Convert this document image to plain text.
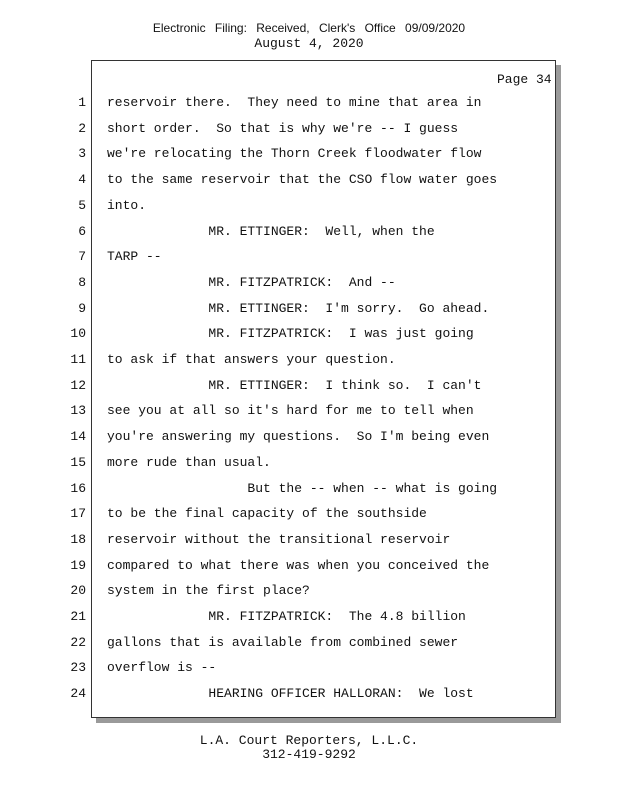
Electronic Filing: Received, Clerk's Office 09/09/2020
August 4, 2020
Page 34
1 reservoir there.  They need to mine that area in
2 short order.  So that is why we're -- I guess
3 we're relocating the Thorn Creek floodwater flow
4 to the same reservoir that the CSO flow water goes
5 into.
6 MR. ETTINGER:  Well, when the
7 TARP --
8 MR. FITZPATRICK:  And --
9 MR. ETTINGER:  I'm sorry.  Go ahead.
10 MR. FITZPATRICK:  I was just going
11 to ask if that answers your question.
12 MR. ETTINGER:  I think so.  I can't
13 see you at all so it's hard for me to tell when
14 you're answering my questions.  So I'm being even
15 more rude than usual.
16 But the -- when -- what is going
17 to be the final capacity of the southside
18 reservoir without the transitional reservoir
19 compared to what there was when you conceived the
20 system in the first place?
21 MR. FITZPATRICK:  The 4.8 billion
22 gallons that is available from combined sewer
23 overflow is --
24 HEARING OFFICER HALLORAN:  We lost
L.A. Court Reporters, L.L.C.
312-419-9292
